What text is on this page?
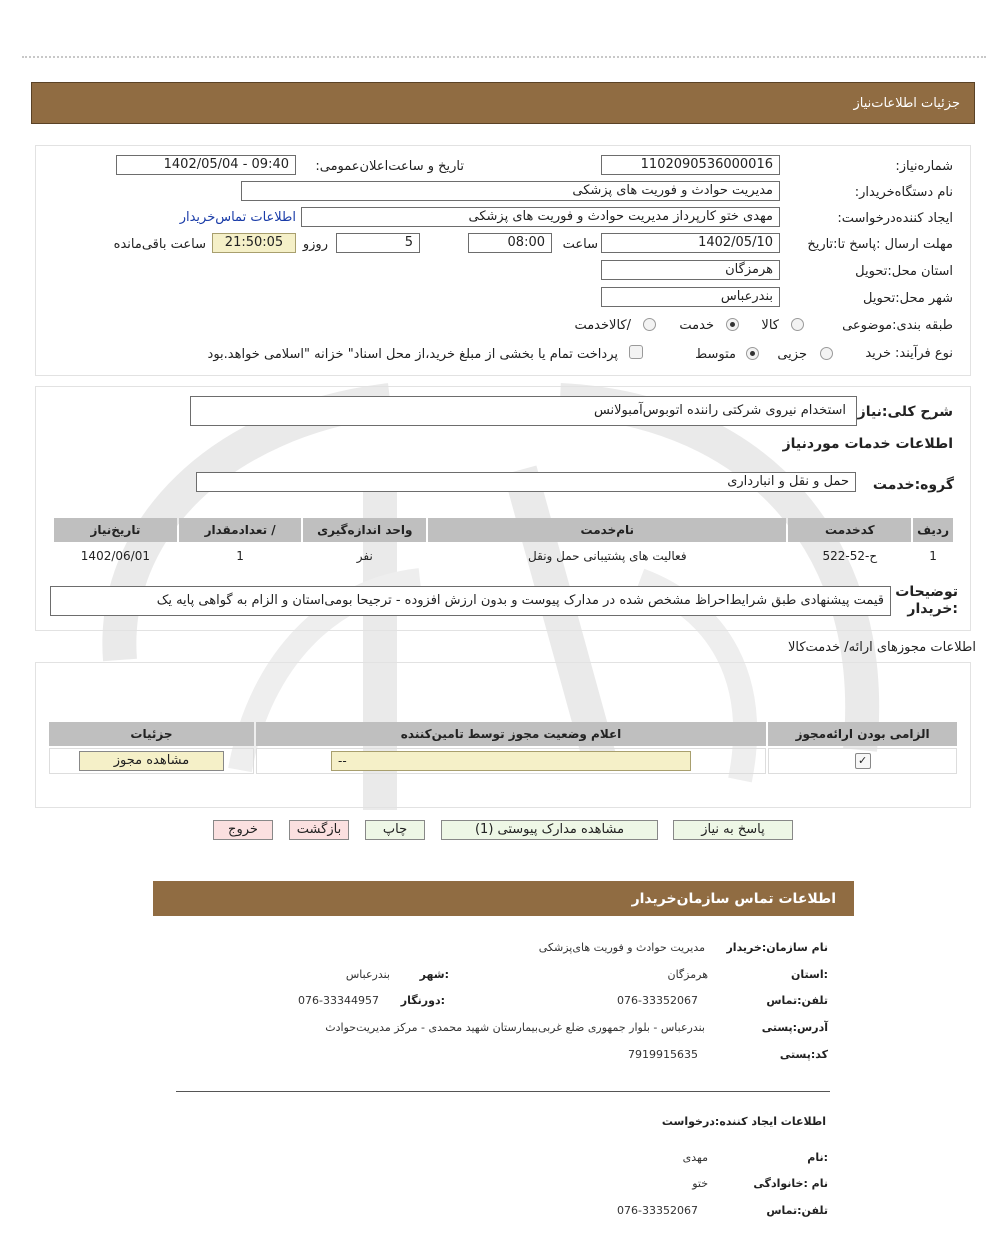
جزئیات اطلاعات‌نیاز
شماره‌نیاز:
1102090536000016
تاریخ و ساعت‌اعلان‌عمومی:
1402/05/04 - 09:40
نام دستگاه‌خریدار:
مدیریت حوادث و فوریت های پزشکی
ایجاد کننده‌درخواست:
مهدی ختو کارپرداز مدیریت حوادث و فوریت های پزشکی
اطلاعات تماس‌خریدار
مهلت ارسال :پاسخ تا:تاریخ
1402/05/10
ساعت
08:00
5
روزو
21:50:05
ساعت باقی‌مانده
استان محل:تحویل
هرمزگان
شهر محل:تحویل
بندرعباس
طبقه بندی:موضوعی
کالا
خدمت
/کالاخدمت
نوع فرآیند:
خرید
جزیی
متوسط
پرداخت تمام یا بخشی از مبلغ خرید،از محل اسناد" خزانه "اسلامی خواهد.بود
شرح کلی:نیاز
استخدام نیروی شرکتی راننده اتوبوس‌آمبولانس
اطلاعات خدمات موردنیاز
گروه:خدمت
حمل و نقل و انبارداری
ردیف	کدخدمت	نام‌خدمت	واحد اندازه‌گیری	/ تعدادمقدار	تاریخ‌نیاز
1	ح-52-522	فعالیت های پشتیبانی حمل ونقل	نفر	1	1402/06/01
توضیحات :خریدار
قیمت پیشنهادی طبق شرایط‌احراظ مشخص شده در مدارک پیوست و بدون ارزش افزوده - ترجیحا بومی‌استان و الزام به گواهی پایه یک
اطلاعات مجوزهای ارائه/ خدمت‌کالا
الزامی بودن ارائه‌مجوز	اعلام وضعیت مجوز توسط تامین‌کننده	جزئیات
✓	--	مشاهده مجوز
پاسخ به نیاز
مشاهده مدارک پیوستی (1)
چاپ
بازگشت
خروج
اطلاعات تماس سازمان‌خریدار
نام سازمان:خریدار
مدیریت حوادث و فوریت های‌پزشکی
:استان
هرمزگان
:شهر
بندرعباس
تلفن:تماس
076-33352067
:دورنگار
076-33344957
آدرس:پستی
بندرعباس - بلوار جمهوری ضلع غربی‌بیمارستان شهید محمدی - مرکز مدیریت‌حوادث
کد:پستی
7919915635
اطلاعات ایجاد کننده:درخواست
:نام
مهدی
نام :خانوادگی
ختو
تلفن:تماس
076-33352067
